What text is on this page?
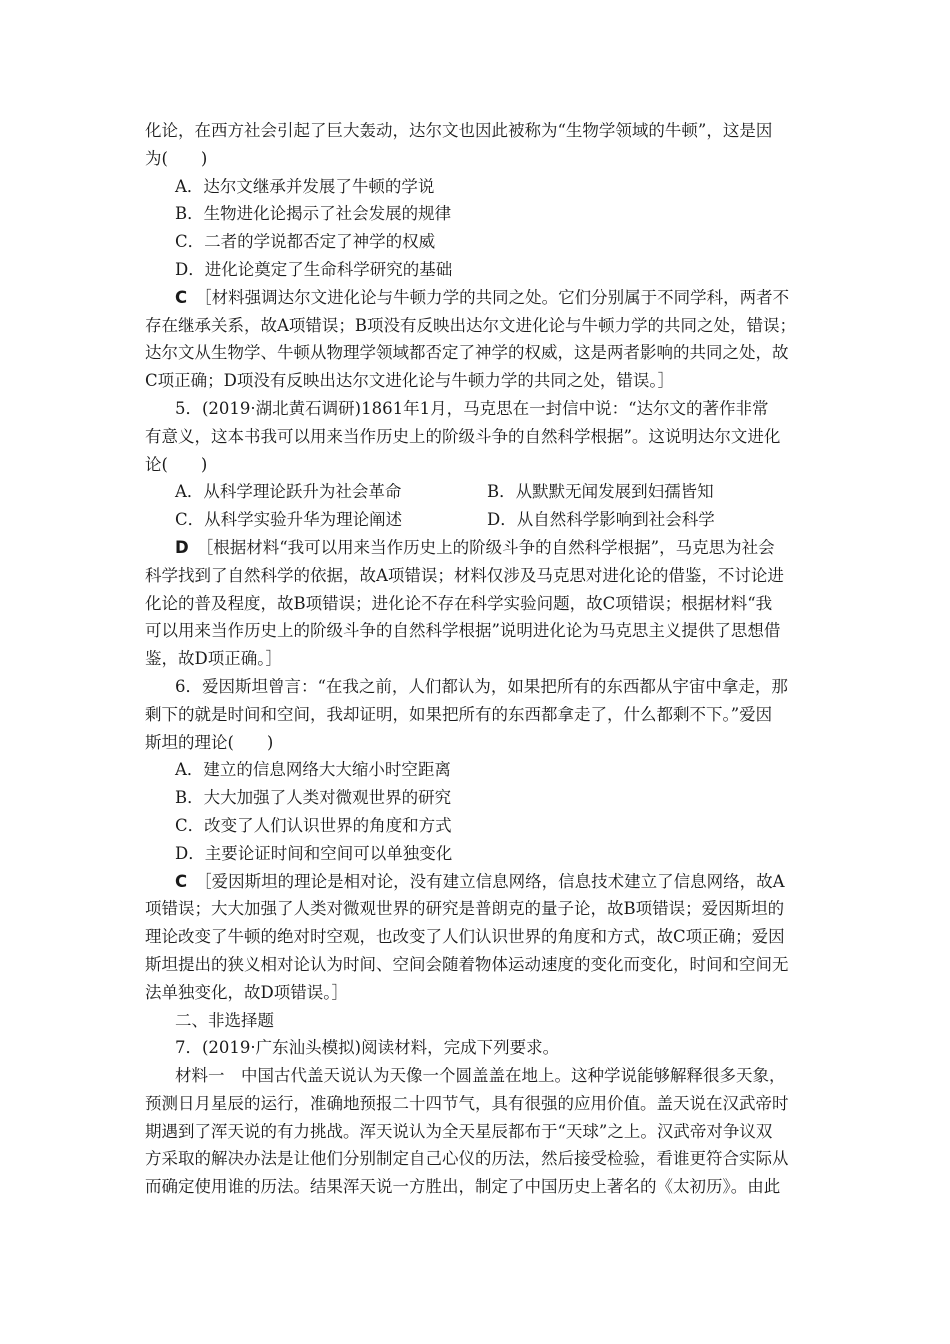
化论，在西方社会引起了巨大轰动，达尔文也因此被称为“生物学领域的牛顿”，这是因
为(　　)
A．达尔文继承并发展了牛顿的学说
B．生物进化论揭示了社会发展的规律
C．二者的学说都否定了神学的权威
D．进化论奠定了生命科学研究的基础
C ［材料强调达尔文进化论与牛顿力学的共同之处。它们分别属于不同学科，两者不
存在继承关系，故A项错误；B项没有反映出达尔文进化论与牛顿力学的共同之处，错误；
达尔文从生物学、牛顿从物理学领域都否定了神学的权威，这是两者影响的共同之处，故
C项正确；D项没有反映出达尔文进化论与牛顿力学的共同之处，错误。］
5．(2019·湖北黄石调研)1861年1月，马克思在一封信中说：“达尔文的著作非常
有意义，这本书我可以用来当作历史上的阶级斗争的自然科学根据”。这说明达尔文进化
论(　　)
A．从科学理论跃升为社会革命	B．从默默无闻发展到妇孺皆知
C．从科学实验升华为理论阐述	D．从自然科学影响到社会科学
D ［根据材料“我可以用来当作历史上的阶级斗争的自然科学根据”，马克思为社会
科学找到了自然科学的依据，故A项错误；材料仅涉及马克思对进化论的借鉴，不讨论进
化论的普及程度，故B项错误；进化论不存在科学实验问题，故C项错误；根据材料“我
可以用来当作历史上的阶级斗争的自然科学根据”说明进化论为马克思主义提供了思想借
鉴，故D项正确。］
6．爱因斯坦曾言：“在我之前，人们都认为，如果把所有的东西都从宇宙中拿走，那
剩下的就是时间和空间，我却证明，如果把所有的东西都拿走了，什么都剩不下。”爱因
斯坦的理论(　　)
A．建立的信息网络大大缩小时空距离
B．大大加强了人类对微观世界的研究
C．改变了人们认识世界的角度和方式
D．主要论证时间和空间可以单独变化
C ［爱因斯坦的理论是相对论，没有建立信息网络，信息技术建立了信息网络，故A
项错误；大大加强了人类对微观世界的研究是普朗克的量子论，故B项错误；爱因斯坦的
理论改变了牛顿的绝对时空观，也改变了人们认识世界的角度和方式，故C项正确；爱因
斯坦提出的狭义相对论认为时间、空间会随着物体运动速度的变化而变化，时间和空间无
法单独变化，故D项错误。］
二、非选择题
7．(2019·广东汕头模拟)阅读材料，完成下列要求。
材料一　中国古代盖天说认为天像一个圆盖盖在地上。这种学说能够解释很多天象，
预测日月星辰的运行，准确地预报二十四节气，具有很强的应用价值。盖天说在汉武帝时
期遇到了浑天说的有力挑战。浑天说认为全天星辰都布于“天球”之上。汉武帝对争议双
方采取的解决办法是让他们分别制定自己心仪的历法，然后接受检验，看谁更符合实际从
而确定使用谁的历法。结果浑天说一方胜出，制定了中国历史上著名的《太初历》。由此
